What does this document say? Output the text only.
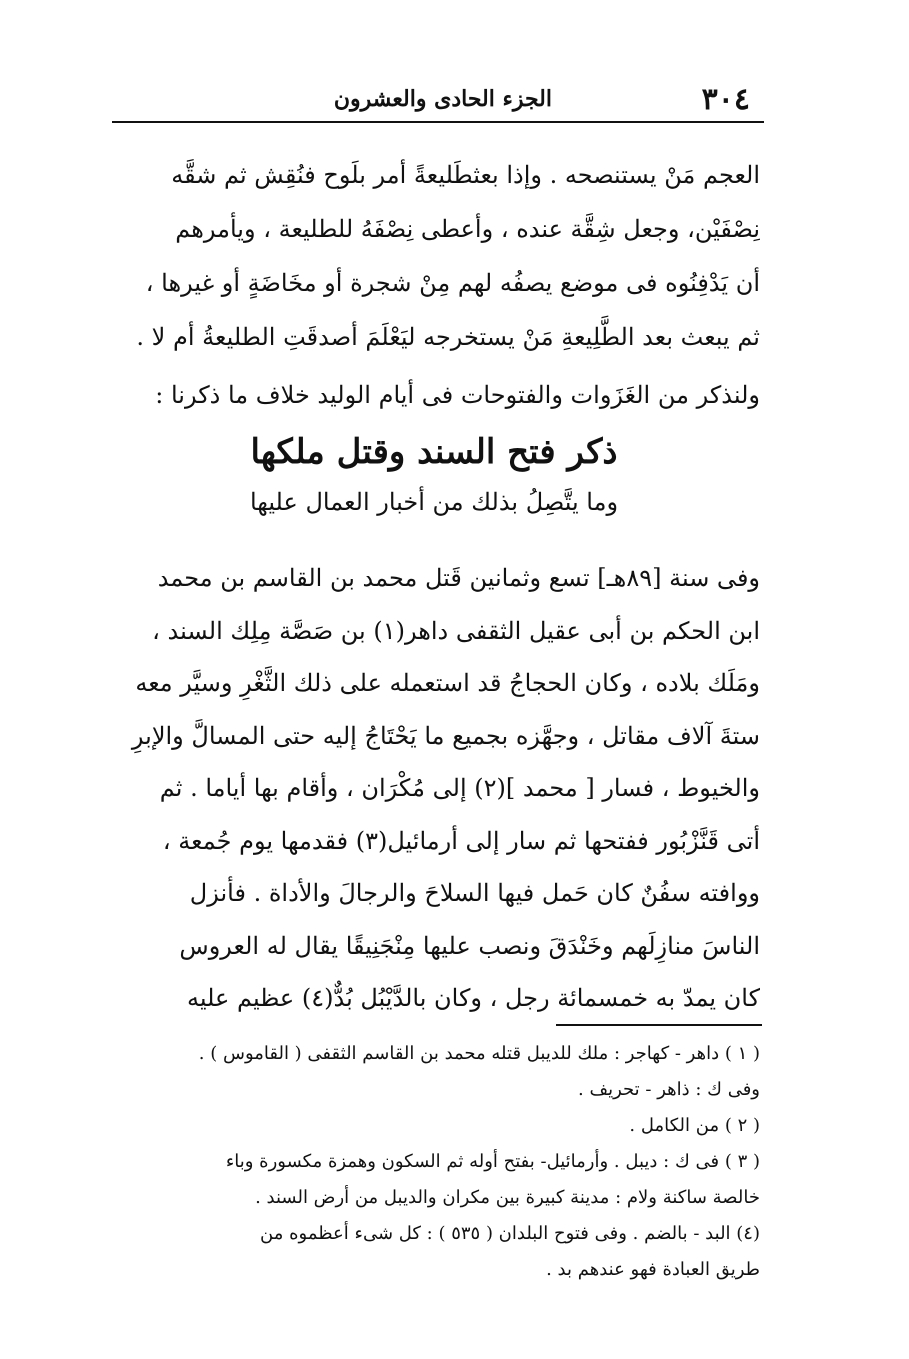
٣٠٤
الجزء الحادى والعشرون
العجم مَنْ يستنصحه . وإذا بعثطَليعةً أمر بلَوح فنُقِش ثم شقَّه
نِصْفَيْن، وجعل شِقَّة عنده ، وأعطى نِصْفَهُ للطليعة ، ويأمرهم
أن يَدْفِنُوه فى موضع يصفُه لهم مِنْ شجرة أو مخَاضَةٍ أو غيرها ،
ثم يبعث بعد الطَّلِيعةِ مَنْ يستخرجه ليَعْلَمَ أصدقَتِ الطليعةُ أم لا .
ولنذكر من الغَزَوات والفتوحات فى أيام الوليد خلاف ما ذكرنا :
ذكر فتح السند وقتل ملكها
وما يتَّصِلُ بذلك من أخبار العمال عليها
وفى سنة [٨٩هـ] تسع وثمانين قَتل محمد بن القاسم بن محمد
ابن الحكم بن أبى عقيل الثقفى داهر(١) بن صَصَّة مِلِك السند ،
ومَلَك بلاده ، وكان الحجاجُ قد استعمله على ذلك الثَّغْرِ وسيَّر معه
ستةَ آلاف مقاتل ، وجهَّزه بجميع ما يَحْتَاجُ إليه حتى المسالَّ والإبرِ
والخيوط ، فسار [ محمد ](٢) إلى مُكْرَان ، وأقام بها أياما . ثم
أتى قَنَّزْبُور ففتحها ثم سار إلى أرمائيل(٣) فقدمها يوم جُمعة ،
ووافته سفُنٌ كان حَمل فيها السلاحَ والرجالَ والأداة . فأنزل
الناسَ منازِلَهم وخَنْدَقَ ونصب عليها مِنْجَنِيقًا يقال له العروس
كان يمدّ به خمسمائة رجل ، وكان بالدَّيْبُل بُدٌّ(٤) عظيم عليه
( ١ ) داهر - كهاجر : ملك للديبل قتله محمد بن القاسم الثقفى ( القاموس ) .
وفى ك : ذاهر - تحريف .
( ٢ ) من الكامل .
( ٣ ) فى ك : ديبل . وأرمائيل- بفتح أوله ثم السكون وهمزة مكسورة وباء
خالصة ساكنة ولام : مدينة كبيرة بين مكران والديبل من أرض السند .
(٤) البد - بالضم . وفى فتوح البلدان ( ٥٣٥ ) : كل شىء أعظموه من
طريق العبادة فهو عندهم بد .
